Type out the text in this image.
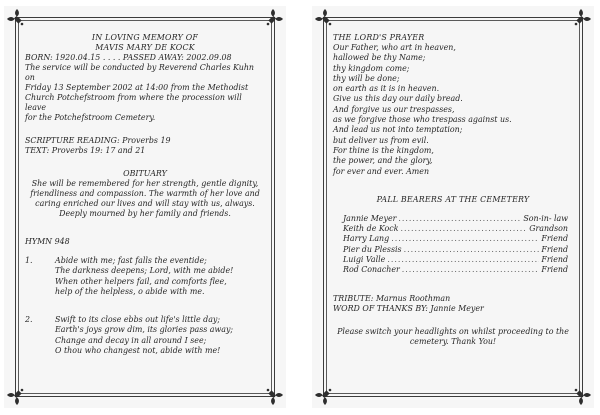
IN LOVING MEMORY OF
MAVIS MARY DE KOCK
BORN: 1920.04.15 . . . . PASSED AWAY: 2002.09.08
The service will be conducted by Reverend Charles Kuhn on
Friday 13 September 2002 at 14:00 from the Methodist
Church Potchefstroom from where the procession will leave
for the Potchefstroom Cemetery.
SCRIPTURE READING: Proverbs 19
TEXT: Proverbs 19: 17 and 21
OBITUARY
She will be remembered for her strength, gentle dignity,
friendliness and compassion. The warmth of her love and
caring enriched our lives and will stay with us, always.
Deeply mourned by her family and friends.
HYMN 948
1.	Abide with me; fast falls the eventide;
The darkness deepens; Lord, with me abide!
When other helpers fail, and comforts flee,
help of the helpless, o abide with me.
2.	Swift to its close ebbs out life's little day;
Earth's joys grow dim, its glories pass away;
Change and decay in all around I see;
O thou who changest not, abide with me!
THE LORD'S PRAYER
Our Father, who art in heaven,
hallowed be thy Name;
thy kingdom come;
thy will be done;
on earth as it is in heaven.
Give us this day our daily bread.
And forgive us our trespasses,
as we forgive those who trespass against us.
And lead us not into temptation;
but deliver us from evil.
For thine is the kingdom,
the power, and the glory,
for ever and ever. Amen
PALL BEARERS AT THE CEMETERY
Jannie Meyer .....	Son-in- law
Keith de Kock .....	Grandson
Harry Lang .....	Friend
Pier du Plessis .....	Friend
Luigi Valle .....	Friend
Rod Conacher .....	Friend
TRIBUTE: Marnus Roothman
WORD OF THANKS BY: Jannie Meyer
Please switch your headlights on whilst proceeding to the
cemetery. Thank You!
